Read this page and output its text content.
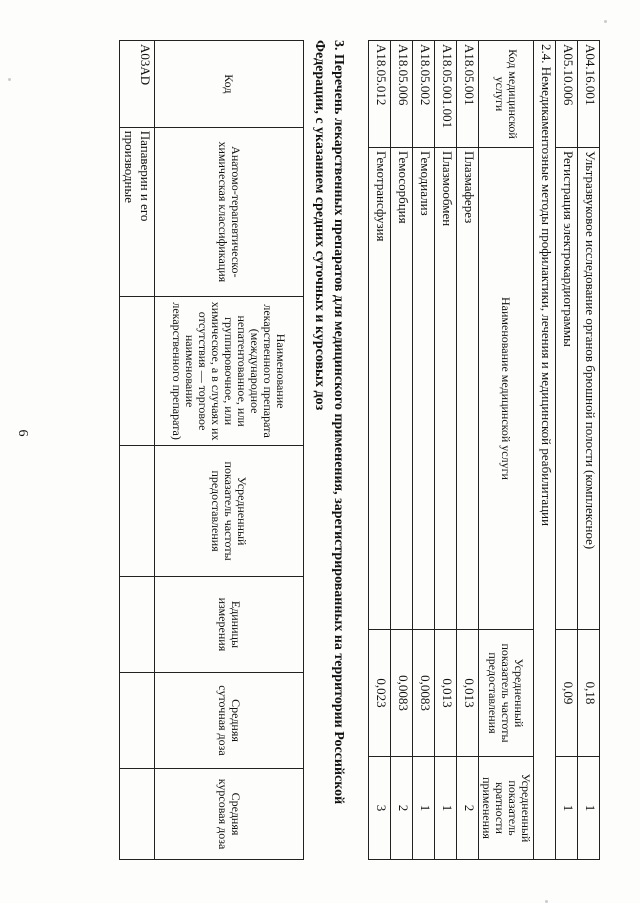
6
A04.16.001	Ультразвуковое исследование органов брюшной полости (комплексное)	0,18	1
A05.10.006	Регистрация электрокардиограммы	0,09	1
2.4. Немедикаментозные методы профилактики, лечения и медицинской реабилитации			
Код медицинской услуги	Наименование медицинской услуги	Усредненный показатель частоты предоставления	Усредненный показатель кратности применения
A18.05.001	Плазмаферез	0,013	2
A18.05.001.001	Плазмообмен	0,013	1
A18.05.002	Гемодиализ	0,0083	1
A18.05.006	Гемосорбция	0,0083	2
A18.05.012	Гемотрансфузия	0,023	3
3. Перечень лекарственных препаратов для медицинского применения, зарегистрированных на территории Российской Федерации, с указанием средних суточных и курсовых доз
Код	Анатомо-терапевтическо-химическая классификация	Наименование лекарственного препарата (международное непатентованное, или группировочное, или химическое, а в случаях их отсутствия — торговое наименование лекарственного препарата)	Усредненный показатель частоты предоставления	Единицы измерения	Средняя суточная доза	Средняя курсовая доза
A03AD	Папаверин и его производные					
